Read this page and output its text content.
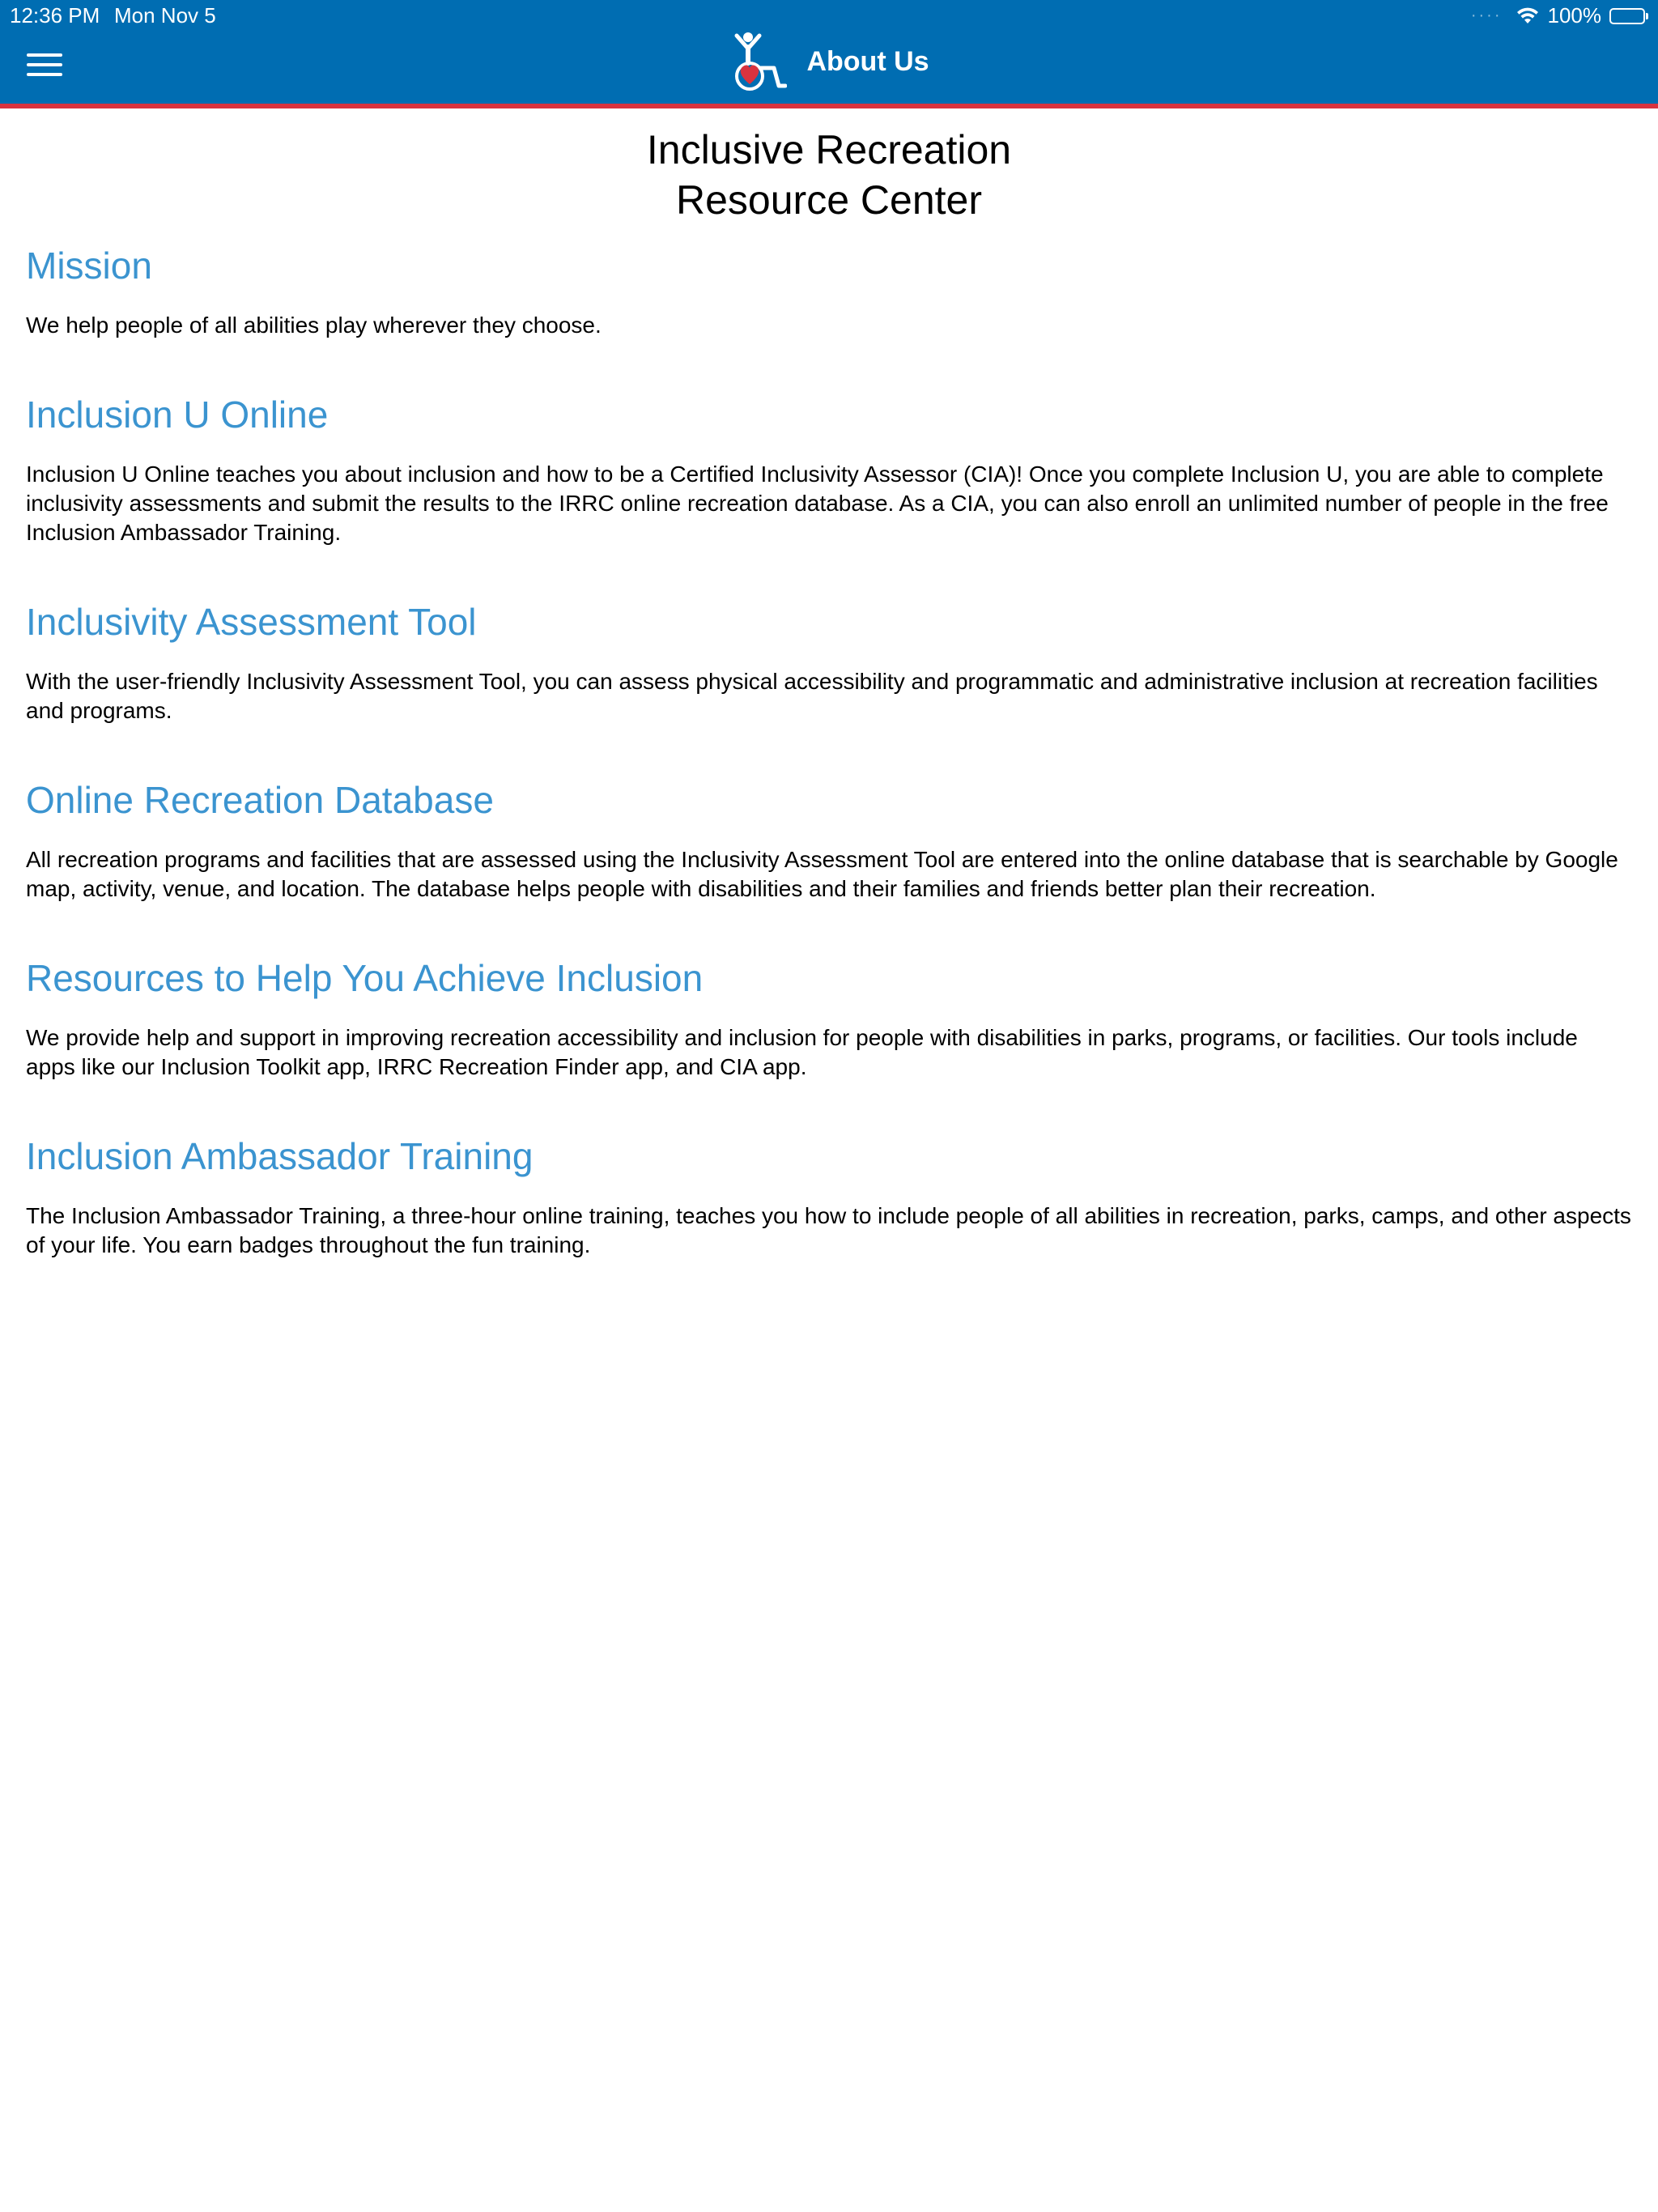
12:36 PM Mon Nov 5	···· 100%
About Us
Inclusive Recreation
Resource Center
Mission

We help people of all abilities play wherever they choose.

Inclusion U Online

Inclusion U Online teaches you about inclusion and how to be a Certified Inclusivity Assessor (CIA)! Once you complete Inclusion U, you are able to complete inclusivity assessments and submit the results to the IRRC online recreation database. As a CIA, you can also enroll an unlimited number of people in the free Inclusion Ambassador Training.

Inclusivity Assessment Tool

With the user-friendly Inclusivity Assessment Tool, you can assess physical accessibility and programmatic and administrative inclusion at recreation facilities and programs.

Online Recreation Database

All recreation programs and facilities that are assessed using the Inclusivity Assessment Tool are entered into the online database that is searchable by Google map, activity, venue, and location. The database helps people with disabilities and their families and friends better plan their recreation.

Resources to Help You Achieve Inclusion

We provide help and support in improving recreation accessibility and inclusion for people with disabilities in parks, programs, or facilities. Our tools include apps like our Inclusion Toolkit app, IRRC Recreation Finder app, and CIA app.

Inclusion Ambassador Training

The Inclusion Ambassador Training, a three-hour online training, teaches you how to include people of all abilities in recreation, parks, camps, and other aspects of your life. You earn badges throughout the fun training.
